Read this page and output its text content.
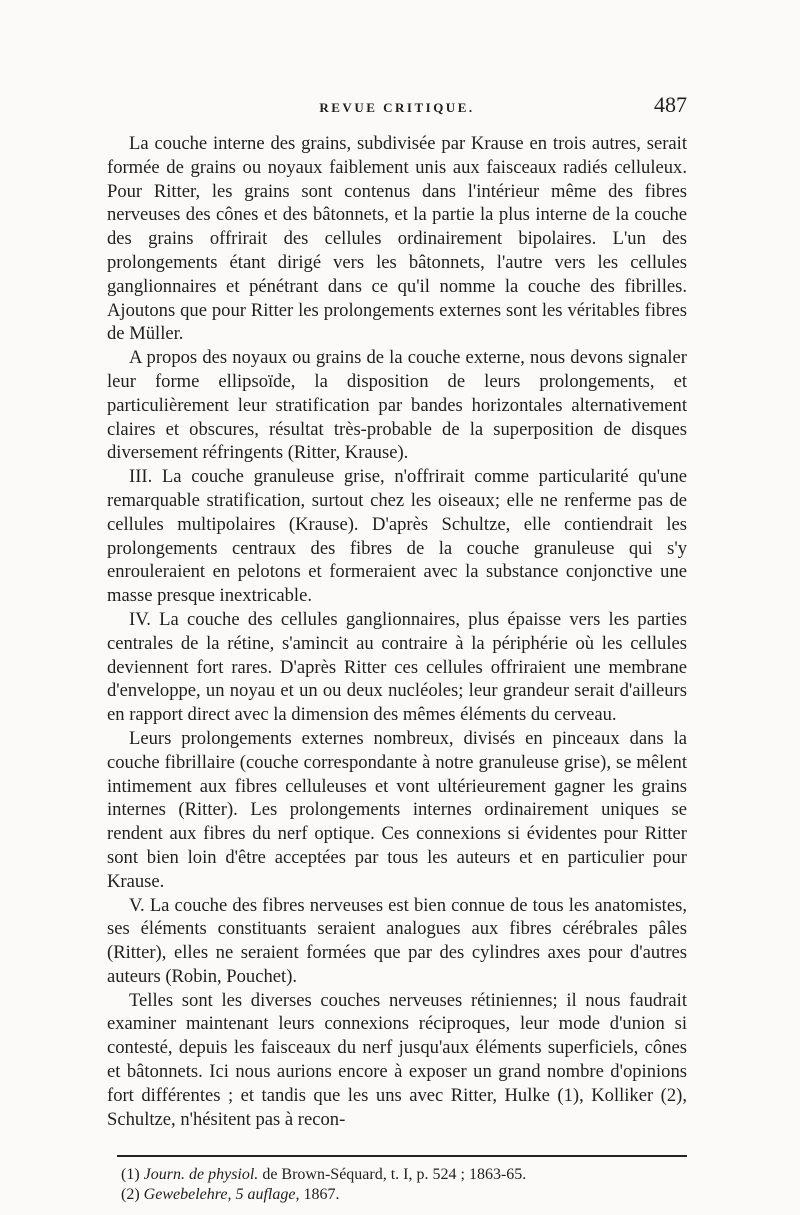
REVUE CRITIQUE.	487

La couche interne des grains, subdivisée par Krause en trois autres, serait formée de grains ou noyaux faiblement unis aux faisceaux radiés celluleux. Pour Ritter, les grains sont contenus dans l'intérieur même des fibres nerveuses des cônes et des bâtonnets, et la partie la plus interne de la couche des grains offrirait des cellules ordinairement bipolaires. L'un des prolongements étant dirigé vers les bâtonnets, l'autre vers les cellules ganglionnaires et pénétrant dans ce qu'il nomme la couche des fibrilles. Ajoutons que pour Ritter les prolongements externes sont les véritables fibres de Müller.

A propos des noyaux ou grains de la couche externe, nous devons signaler leur forme ellipsoïde, la disposition de leurs prolongements, et particulièrement leur stratification par bandes horizontales alternativement claires et obscures, résultat très-probable de la superposition de disques diversement réfringents (Ritter, Krause).

III. La couche granuleuse grise, n'offrirait comme particularité qu'une remarquable stratification, surtout chez les oiseaux; elle ne renferme pas de cellules multipolaires (Krause). D'après Schultze, elle contiendrait les prolongements centraux des fibres de la couche granuleuse qui s'y enrouleraient en pelotons et formeraient avec la substance conjonctive une masse presque inextricable.

IV. La couche des cellules ganglionnaires, plus épaisse vers les parties centrales de la rétine, s'amincit au contraire à la périphérie où les cellules deviennent fort rares. D'après Ritter ces cellules offriraient une membrane d'enveloppe, un noyau et un ou deux nucléoles; leur grandeur serait d'ailleurs en rapport direct avec la dimension des mêmes éléments du cerveau.

Leurs prolongements externes nombreux, divisés en pinceaux dans la couche fibrillaire (couche correspondante à notre granuleuse grise), se mêlent intimement aux fibres celluleuses et vont ultérieurement gagner les grains internes (Ritter). Les prolongements internes ordinairement uniques se rendent aux fibres du nerf optique. Ces connexions si évidentes pour Ritter sont bien loin d'être acceptées par tous les auteurs et en particulier pour Krause.

V. La couche des fibres nerveuses est bien connue de tous les anatomistes, ses éléments constituants seraient analogues aux fibres cérébrales pâles (Ritter), elles ne seraient formées que par des cylindres axes pour d'autres auteurs (Robin, Pouchet).

Telles sont les diverses couches nerveuses rétiniennes; il nous faudrait examiner maintenant leurs connexions réciproques, leur mode d'union si contesté, depuis les faisceaux du nerf jusqu'aux éléments superficiels, cônes et bâtonnets. Ici nous aurions encore à exposer un grand nombre d'opinions fort différentes ; et tandis que les uns avec Ritter, Hulke (1), Kolliker (2), Schultze, n'hésitent pas à recon-

(1) Journ. de physiol. de Brown-Séquard, t. I, p. 524 ; 1863-65.

(2) Gewebelehre, 5 auflage, 1867.
